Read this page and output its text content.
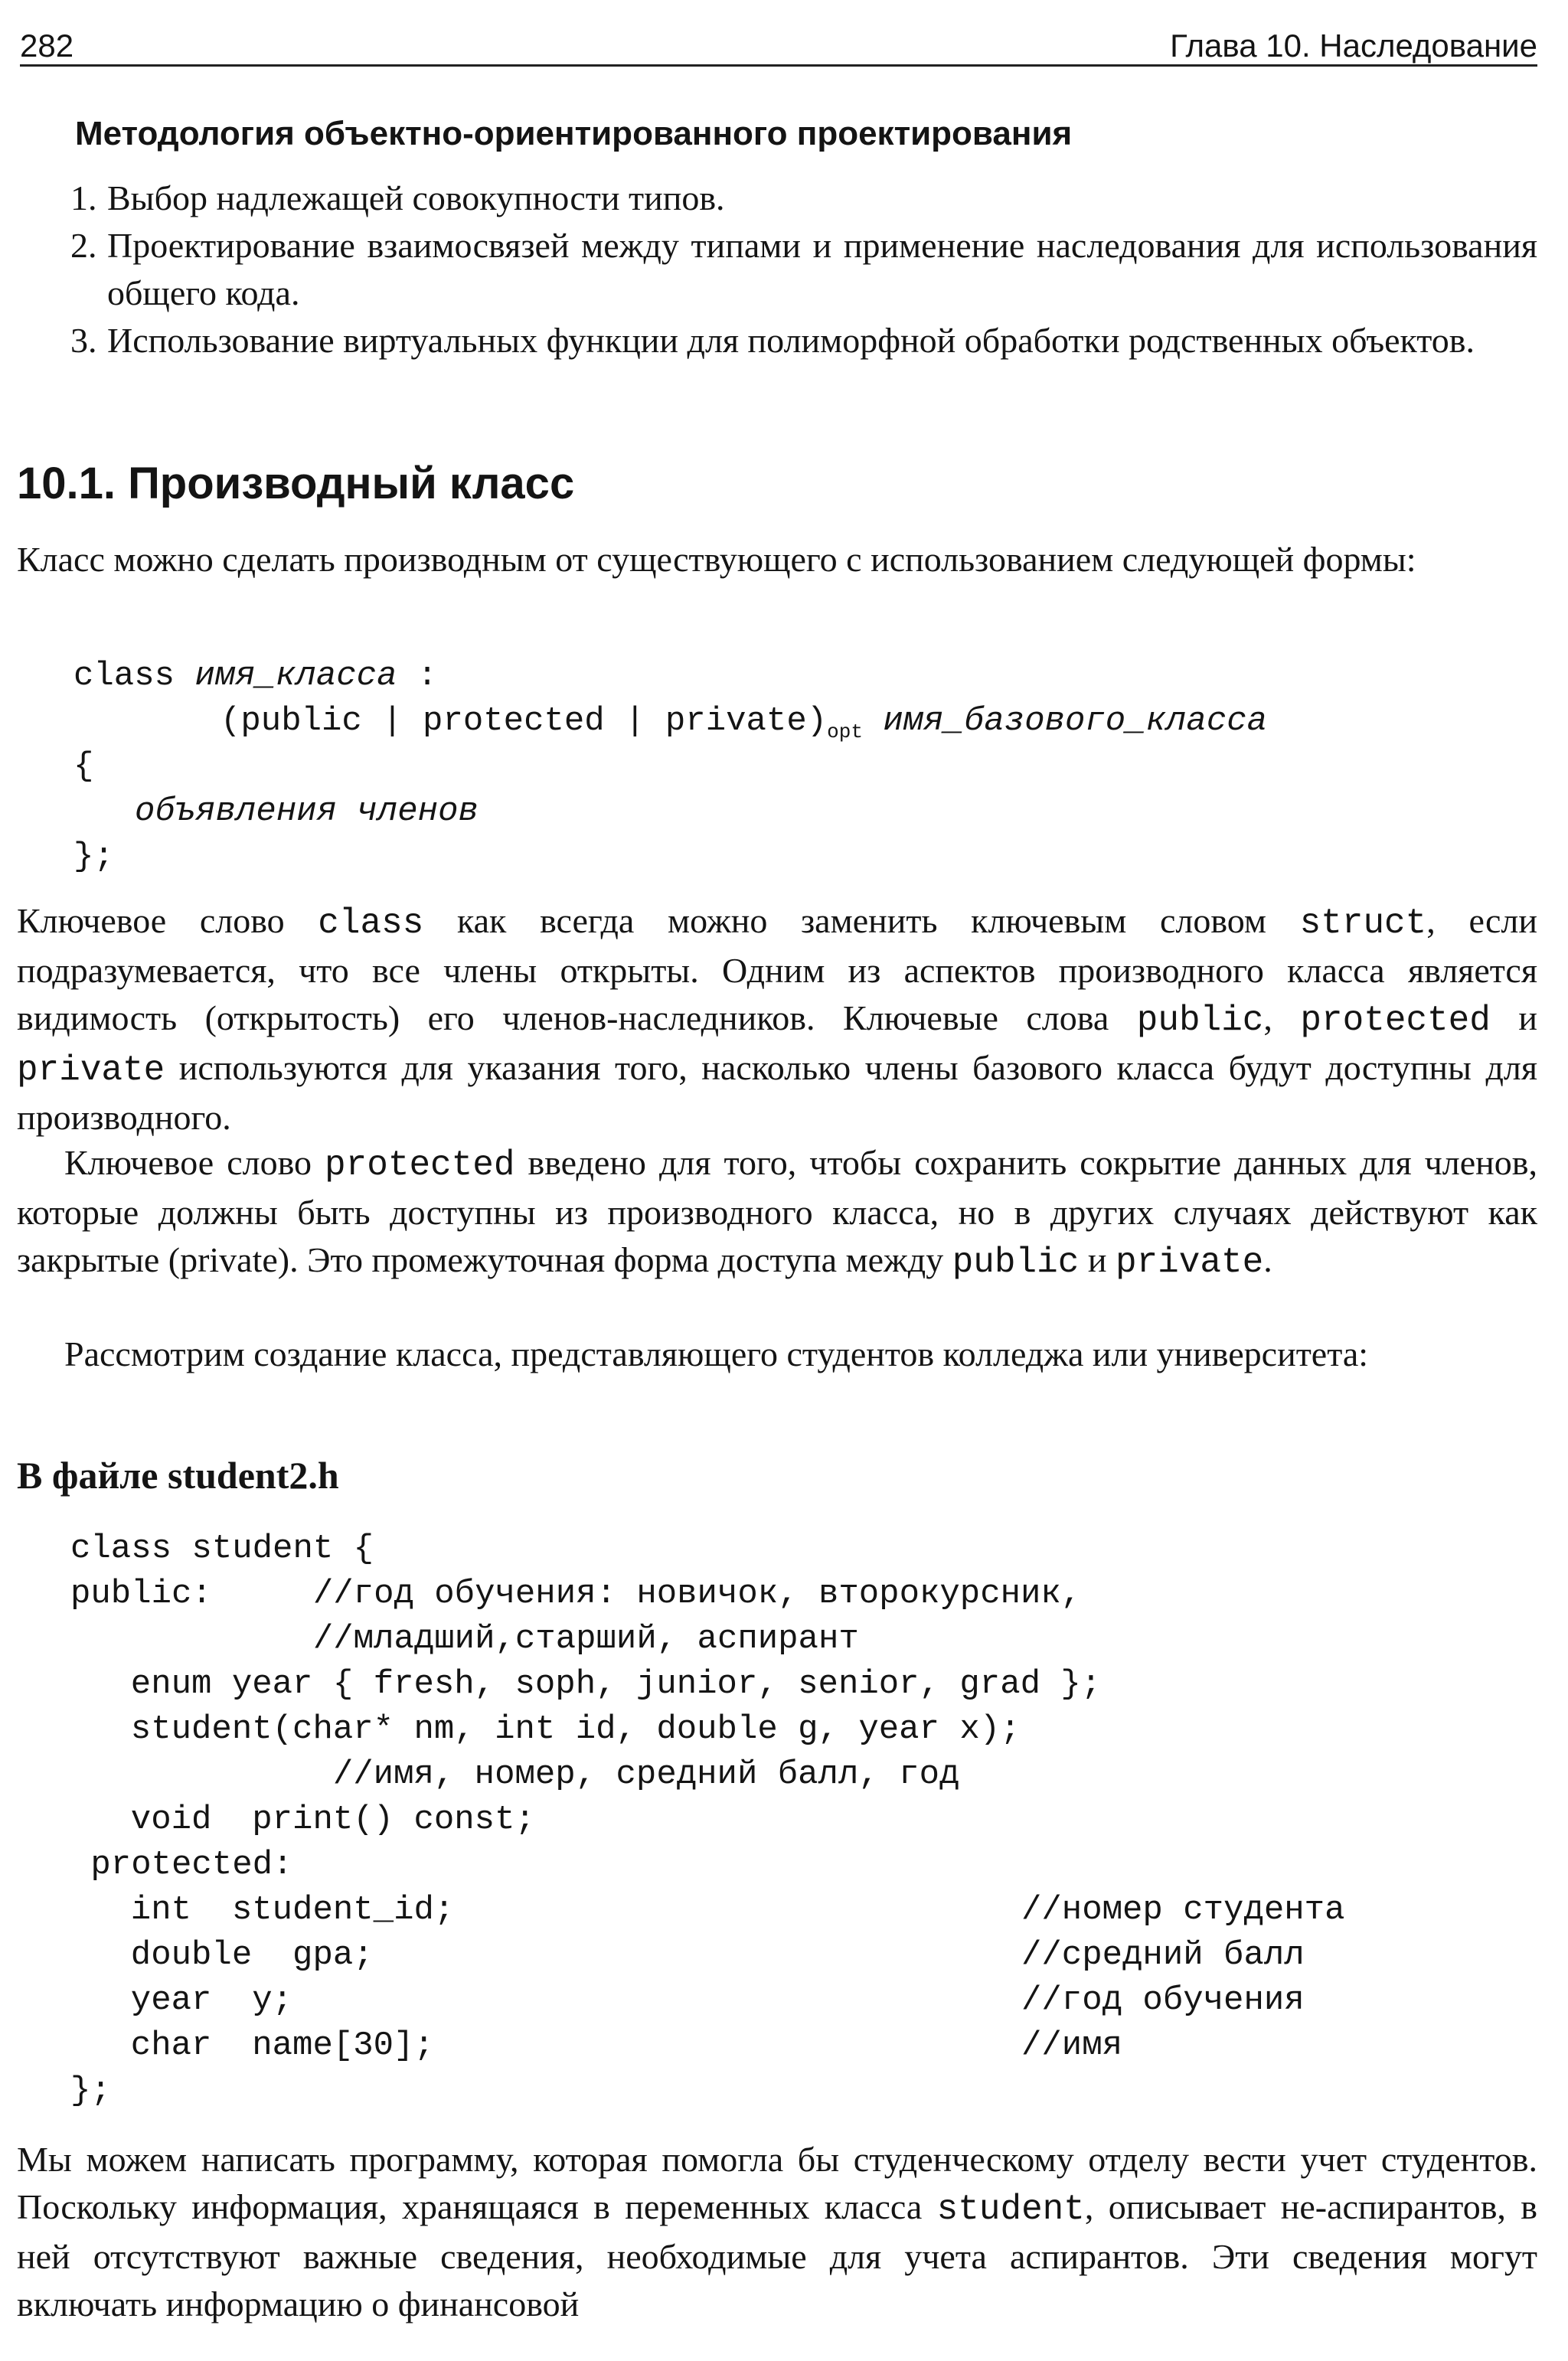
282	Глава 10. Наследование
Методология объектно-ориентированного проектирования
1. Выбор надлежащей совокупности типов.
2. Проектирование взаимосвязей между типами и применение наследования для использования общего кода.
3. Использование виртуальных функции для полиморфной обработки родственных объектов.
10.1. Производный класс
Класс можно сделать производным от существующего с использованием следующей формы:
class имя_класса :
(public | protected | $private)_{opt}$ имя_базового_класса
{
объявления членов
};
Ключевое слово class как всегда можно заменить ключевым словом struct, если подразумевается, что все члены открыты. Одним из аспектов производного класса является видимость (открытость) его членов-наследников. Ключевые слова public, protected и private используются для указания того, насколько члены базового класса будут доступны для производного.
Ключевое слово protected введено для того, чтобы сохранить сокрытие данных для членов, которые должны быть доступны из производного класса, но в других случаях действуют как закрытые (private). Это промежуточная форма доступа между public и private.
Рассмотрим создание класса, представляющего студентов колледжа или университета:
В файле student2.h
class student {
public:     //год обучения: новичок, второкурсник,
//младший,старший, аспирант
enum year { fresh, soph, junior, senior, grad };
student(char* nm, int id, double g, year x);
//имя, номер, средний балл, год
void  print() const;
protected:
int  student_id;
double  gpa;
year  y;
char  name[30];
};
//номер студента
//средний балл
//год обучения
//имя
Мы можем написать программу, которая помогла бы студенческому отделу вести учет студентов. Поскольку информация, хранящаяся в переменных класса student, описывает не-аспирантов, в ней отсутствуют важные сведения, необходимые для учета аспирантов. Эти сведения могут включать информацию о финансовой
